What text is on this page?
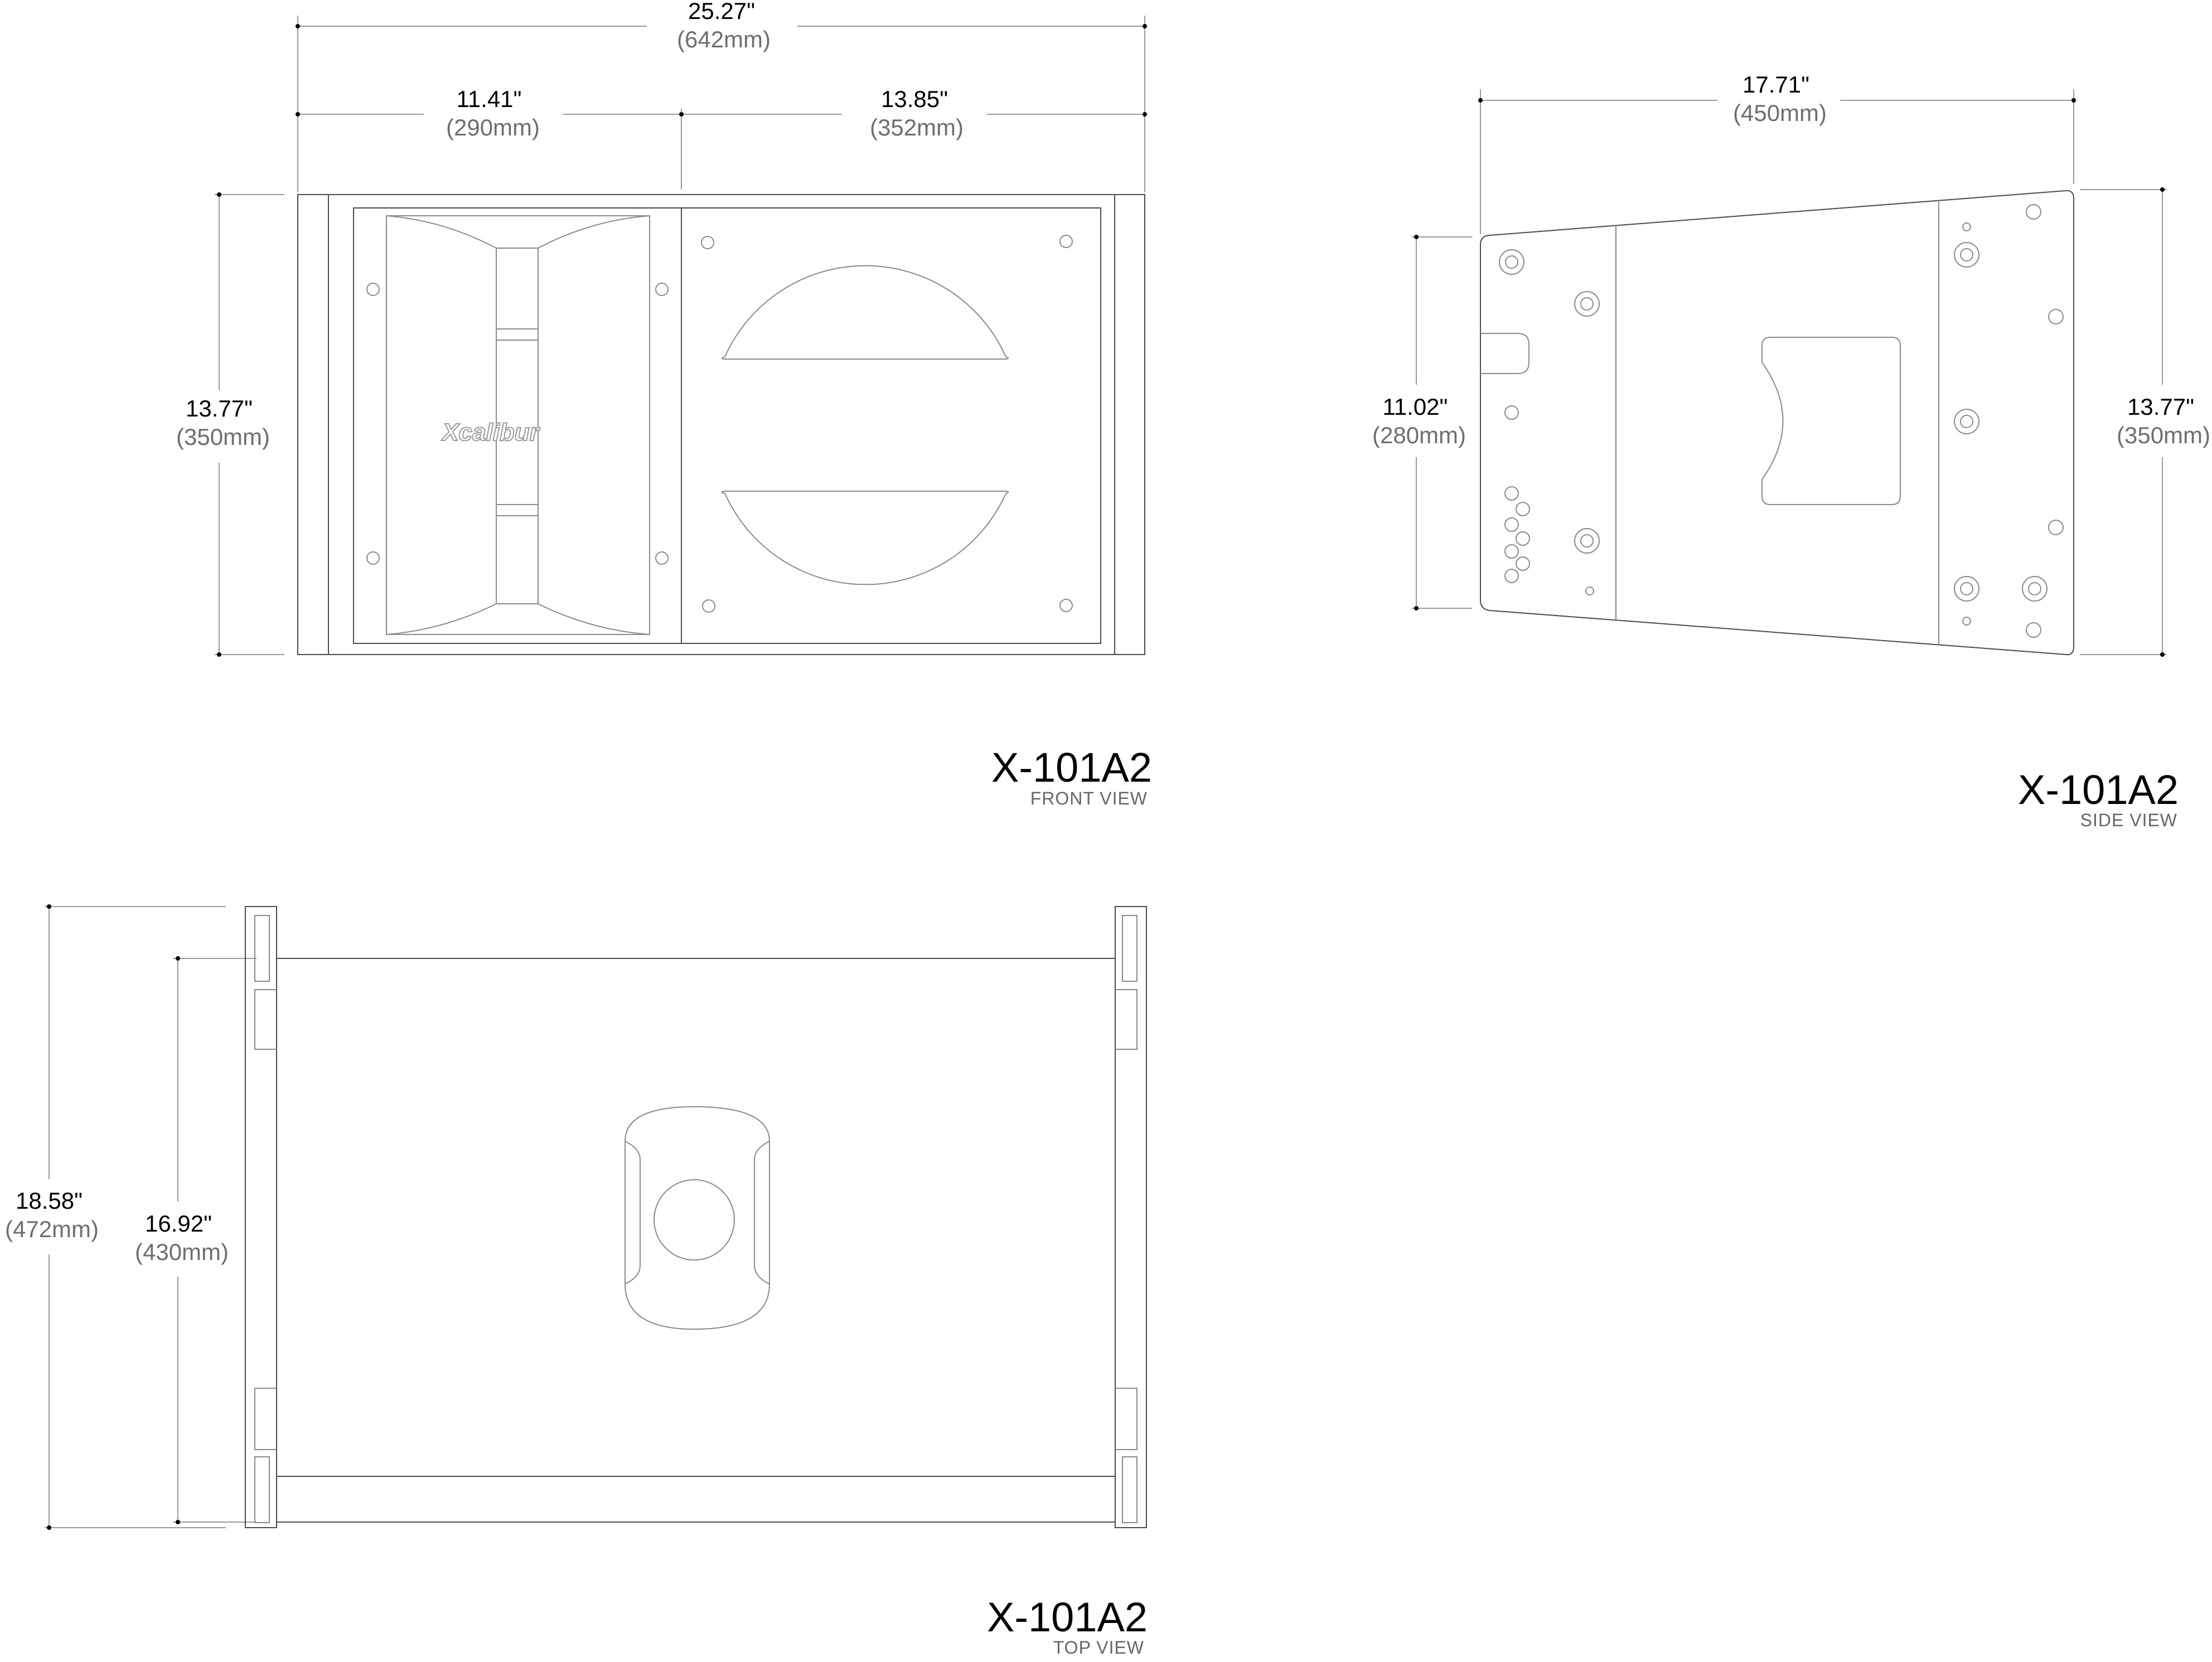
25.27"
(642mm)
11.41"
(290mm)
13.85"
(352mm)
13.77"
(350mm)	Xcalibur
X-101A2
FRONT VIEW
17.71"
(450mm)
11.02"
(280mm)
13.77"
(350mm)
X-101A2
SIDE VIEW
18.58"
(472mm) 16.92"
(430mm)
X-101A2
TOP VIEW
